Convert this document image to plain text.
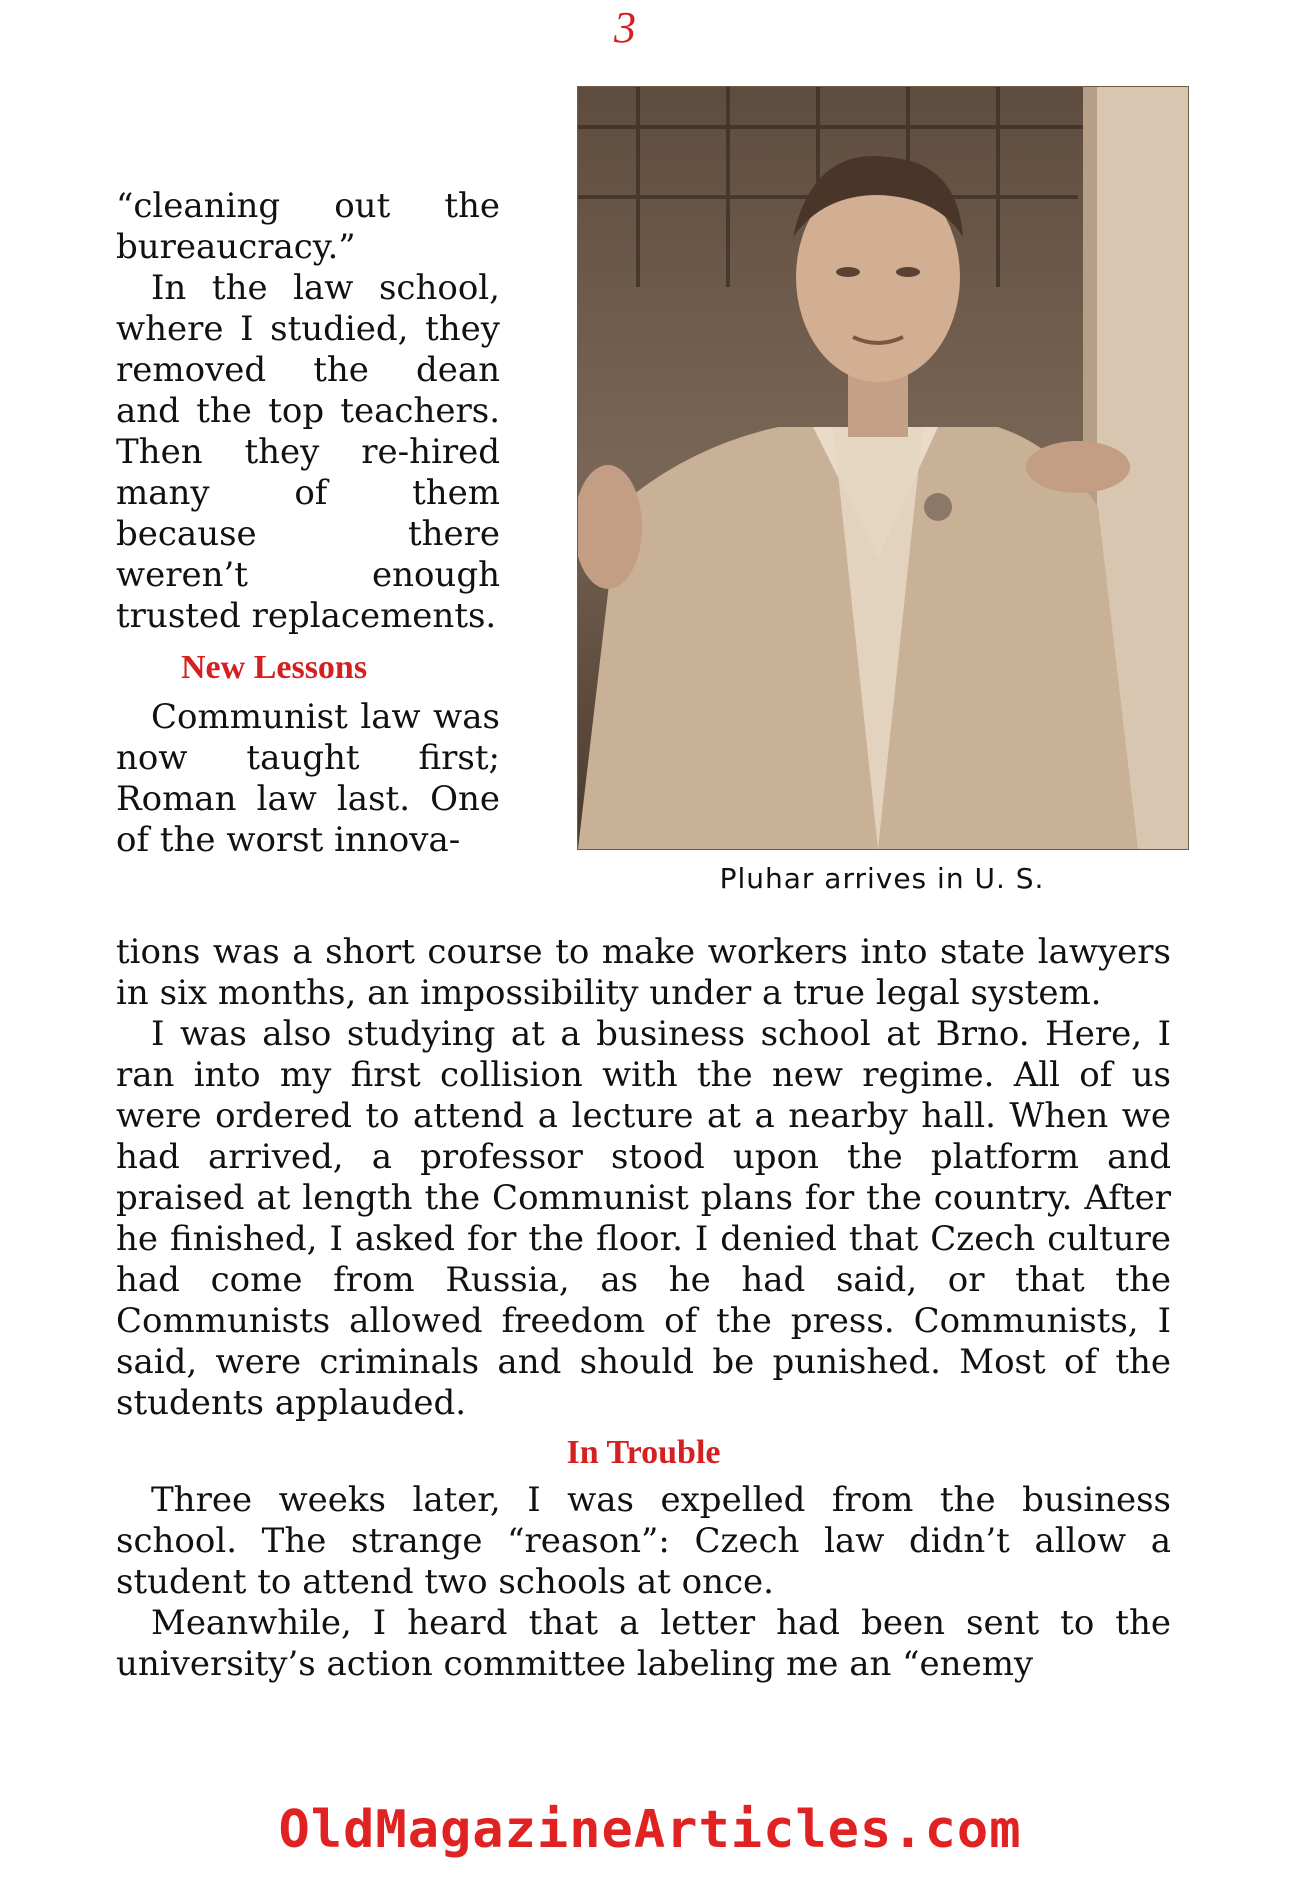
3
Pluhar arrives in U. S.

“cleaning out the bureaucracy.”

In the law school, where I studied, they removed the dean and the top teachers. Then they re-hired many of them because there weren’t enough trusted replacements.

New Lessons

Communist law was now taught first; Roman law last. One of the worst innova-

tions was a short course to make workers into state lawyers in six months, an impossibility under a true legal system.

I was also studying at a business school at Brno. Here, I ran into my first collision with the new regime. All of us were ordered to attend a lecture at a nearby hall. When we had arrived, a professor stood upon the platform and praised at length the Communist plans for the country. After he finished, I asked for the floor. I denied that Czech culture had come from Russia, as he had said, or that the Communists allowed freedom of the press. Communists, I said, were criminals and should be punished. Most of the students applauded.

In Trouble

Three weeks later, I was expelled from the business school. The strange “reason”: Czech law didn’t allow a student to attend two schools at once.

Meanwhile, I heard that a letter had been sent to the university’s action committee labeling me an “enemy

OldMagazineArticles.com
